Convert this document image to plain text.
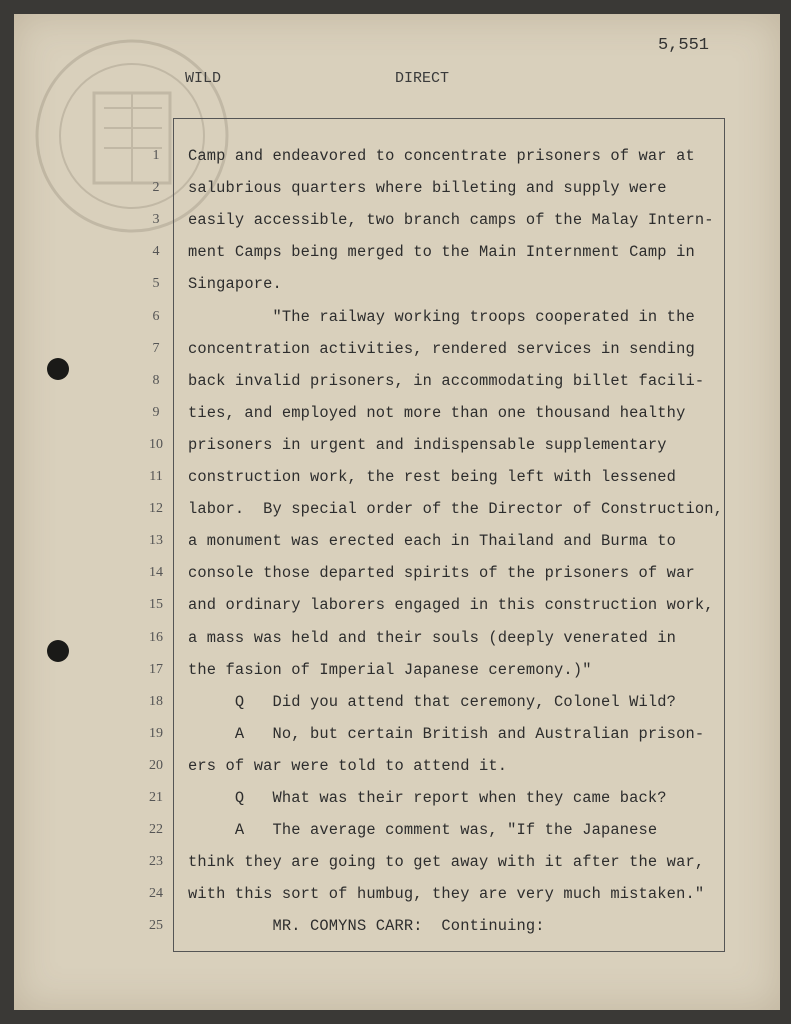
5,551
WILD	DIRECT
1	Camp and endeavored to concentrate prisoners of war at
2	salubrious quarters where billeting and supply were
3	easily accessible, two branch camps of the Malay Intern-
4	ment Camps being merged to the Main Internment Camp in
5	Singapore.
6	"The railway working troops cooperated in the
7	concentration activities, rendered services in sending
8	back invalid prisoners, in accommodating billet facili-
9	ties, and employed not more than one thousand healthy
10	prisoners in urgent and indispensable supplementary
11	construction work, the rest being left with lessened
12	labor.  By special order of the Director of Construction,
13	a monument was erected each in Thailand and Burma to
14	console those departed spirits of the prisoners of war
15	and ordinary laborers engaged in this construction work,
16	a mass was held and their souls (deeply venerated in
17	the fasion of Imperial Japanese ceremony.)"
18	Q   Did you attend that ceremony, Colonel Wild?
19	A   No, but certain British and Australian prison-
20	ers of war were told to attend it.
21	Q   What was their report when they came back?
22	A   The average comment was, "If the Japanese
23	think they are going to get away with it after the war,
24	with this sort of humbug, they are very much mistaken."
25	MR. COMYNS CARR:  Continuing:
